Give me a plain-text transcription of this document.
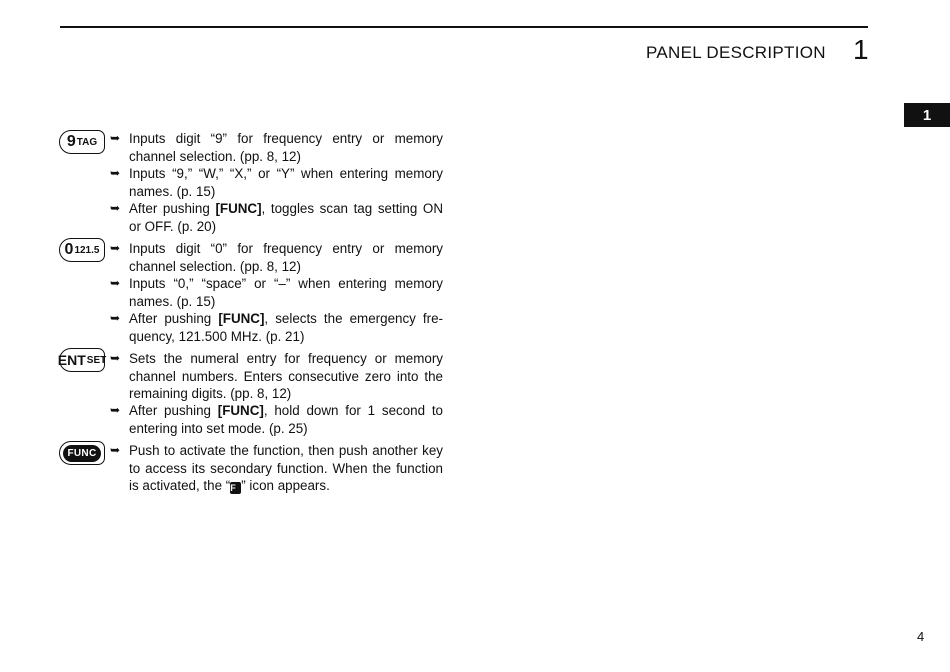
PANEL DESCRIPTION 1
1
9 TAG ➥ Inputs digit “9” for frequency entry or memory channel selection. (pp. 8, 12)
➥ Inputs “9,” “W,” “X,” or “Y” when entering memory names. (p. 15)
➥ After pushing [FUNC], toggles scan tag setting ON or OFF. (p. 20)
0 121.5 ➥ Inputs digit “0” for frequency entry or memory channel selection. (pp. 8, 12)
➥ Inputs “0,” “space” or “–” when entering memory names. (p. 15)
➥ After pushing [FUNC], selects the emergency fre-quency, 121.500 MHz. (p. 21)
ENT SET ➥ Sets the numeral entry for frequency or memory channel numbers. Enters consecutive zero into the remaining digits. (pp. 8, 12)
➥ After pushing [FUNC], hold down for 1 second to entering into set mode. (p. 25)
FUNC	➥ Push to activate the function, then push another key to access its secondary function. When the function is activated, the “F ” icon appears.
4
